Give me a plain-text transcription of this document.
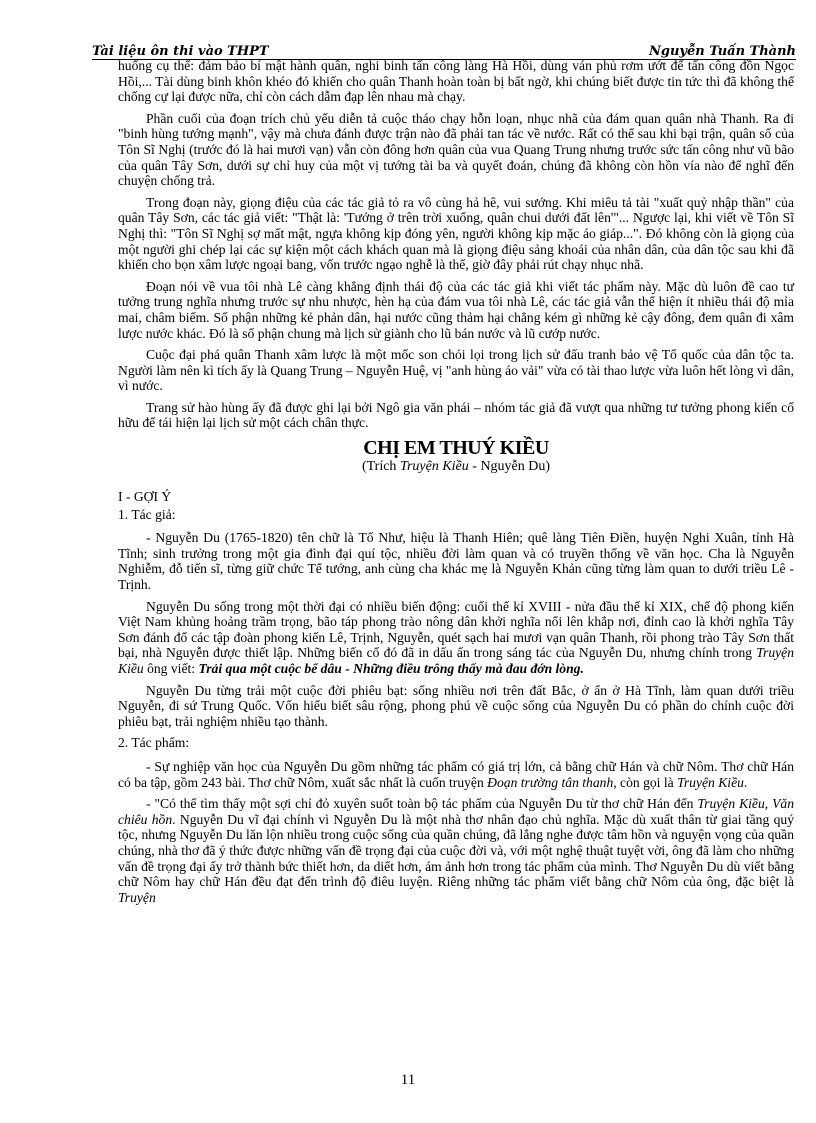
Tài liệu ôn thi vào THPT	Nguyễn Tuấn Thành

huống cụ thể: đảm bảo bí mật hành quân, nghi binh tấn công làng Hà Hồi, dùng ván phủ rơm ướt để tấn công đồn Ngọc Hồi,... Tài dùng binh khôn khéo đó khiến cho quân Thanh hoàn toàn bị bất ngờ, khi chúng biết được tin tức thì đã không thể chống cự lại được nữa, chỉ còn cách dẫm đạp lên nhau mà chạy.

Phần cuối của đoạn trích chủ yếu diễn tả cuộc tháo chạy hỗn loạn, nhục nhã của đám quan quân nhà Thanh. Ra đi "binh hùng tướng mạnh", vậy mà chưa đánh được trận nào đã phải tan tác về nước. Rất có thể sau khi bại trận, quân số của Tôn Sĩ Nghị (trước đó là hai mươi vạn) vẫn còn đông hơn quân của vua Quang Trung nhưng trước sức tấn công như vũ bão của quân Tây Sơn, dưới sự chỉ huy của một vị tướng tài ba và quyết đoán, chúng đã không còn hồn vía nào để nghĩ đến chuyện chống trả.

Trong đoạn này, giọng điệu của các tác giả tỏ ra vô cùng hả hê, vui sướng. Khi miêu tả tài "xuất quỷ nhập thần" của quân Tây Sơn, các tác giả viết: "Thật là: 'Tướng ở trên trời xuống, quân chui dưới đất lên'"... Ngược lại, khi viết về Tôn Sĩ Nghị thì: "Tôn Sĩ Nghị sợ mất mật, ngựa không kịp đóng yên, người không kịp mặc áo giáp...". Đó không còn là giọng của một người ghi chép lại các sự kiện một cách khách quan mà là giọng điệu sảng khoái của nhân dân, của dân tộc sau khi đã khiến cho bọn xâm lược ngoại bang, vốn trước ngạo nghễ là thế, giờ đây phải rút chạy nhục nhã.

Đoạn nói về vua tôi nhà Lê càng khẳng định thái độ của các tác giả khi viết tác phẩm này. Mặc dù luôn đề cao tư tưởng trung nghĩa nhưng trước sự nhu nhược, hèn hạ của đám vua tôi nhà Lê, các tác giả vẫn thể hiện ít nhiều thái độ mỉa mai, châm biếm. Số phận những kẻ phản dân, hại nước cũng thảm hại chẳng kém gì những kẻ cậy đông, đem quân đi xâm lược nước khác. Đó là số phận chung mà lịch sử giành cho lũ bán nước và lũ cướp nước.

Cuộc đại phá quân Thanh xâm lược là một mốc son chói lọi trong lịch sử đấu tranh bảo vệ Tổ quốc của dân tộc ta. Người làm nên kì tích ấy là Quang Trung – Nguyễn Huệ, vị "anh hùng áo vải" vừa có tài thao lược vừa luôn hết lòng vì dân, vì nước.

Trang sử hào hùng ấy đã được ghi lại bởi Ngô gia văn phái – nhóm tác giả đã vượt qua những tư tưởng phong kiến cố hữu để tái hiện lại lịch sử một cách chân thực.

CHỊ EM THUÝ KIỀU
(Trích Truyện Kiều - Nguyễn Du)

I - GỢI Ý

1. Tác giả:

- Nguyễn Du (1765-1820) tên chữ là Tố Như, hiệu là Thanh Hiên; quê làng Tiên Điền, huyện Nghi Xuân, tỉnh Hà Tĩnh; sinh trưởng trong một gia đình đại quí tộc, nhiều đời làm quan và có truyền thống về văn học. Cha là Nguyễn Nghiễm, đỗ tiến sĩ, từng giữ chức Tể tướng, anh cùng cha khác mẹ là Nguyễn Khản cũng từng làm quan to dưới triều Lê - Trịnh.

Nguyễn Du sống trong một thời đại có nhiều biến động: cuối thế kỉ XVIII - nửa đầu thế kỉ XIX, chế độ phong kiến Việt Nam khủng hoảng trầm trọng, bão táp phong trào nông dân khởi nghĩa nổi lên khắp nơi, đỉnh cao là khởi nghĩa Tây Sơn đánh đổ các tập đoàn phong kiến Lê, Trịnh, Nguyễn, quét sạch hai mươi vạn quân Thanh, rồi phong trào Tây Sơn thất bại, nhà Nguyễn được thiết lập. Những biến cố đó đã in dấu ấn trong sáng tác của Nguyễn Du, nhưng chính trong Truyện Kiều ông viết: Trải qua một cuộc bể dâu - Những điều trông thấy mà đau đớn lòng.

Nguyễn Du từng trải một cuộc đời phiêu bạt: sống nhiều nơi trên đất Bắc, ở ẩn ở Hà Tĩnh, làm quan dưới triều Nguyễn, đi sứ Trung Quốc. Vốn hiểu biết sâu rộng, phong phú về cuộc sống của Nguyễn Du có phần do chính cuộc đời phiêu bạt, trải nghiệm nhiều tạo thành.

2. Tác phẩm:

- Sự nghiệp văn học của Nguyễn Du gồm những tác phẩm có giá trị lớn, cả bằng chữ Hán và chữ Nôm. Thơ chữ Hán có ba tập, gồm 243 bài. Thơ chữ Nôm, xuất sắc nhất là cuốn truyện Đoạn trường tân thanh, còn gọi là Truyện Kiều.

- "Có thể tìm thấy một sợi chỉ đỏ xuyên suốt toàn bộ tác phẩm của Nguyễn Du từ thơ chữ Hán đến Truyện Kiều, Văn chiêu hồn. Nguyễn Du vĩ đại chính vì Nguyễn Du là một nhà thơ nhân đạo chủ nghĩa. Mặc dù xuất thân từ giai tầng quý tộc, nhưng Nguyễn Du lăn lộn nhiều trong cuộc sống của quần chúng, đã lắng nghe được tâm hồn và nguyện vọng của quần chúng, nhà thơ đã ý thức được những vấn đề trọng đại của cuộc đời và, với một nghệ thuật tuyệt vời, ông đã làm cho những vấn đề trọng đại ấy trở thành bức thiết hơn, da diết hơn, ám ảnh hơn trong tác phẩm của mình. Thơ Nguyễn Du dù viết bằng chữ Nôm hay chữ Hán đều đạt đến trình độ điêu luyện. Riêng những tác phẩm viết bằng chữ Nôm của ông, đặc biệt là Truyện

11
